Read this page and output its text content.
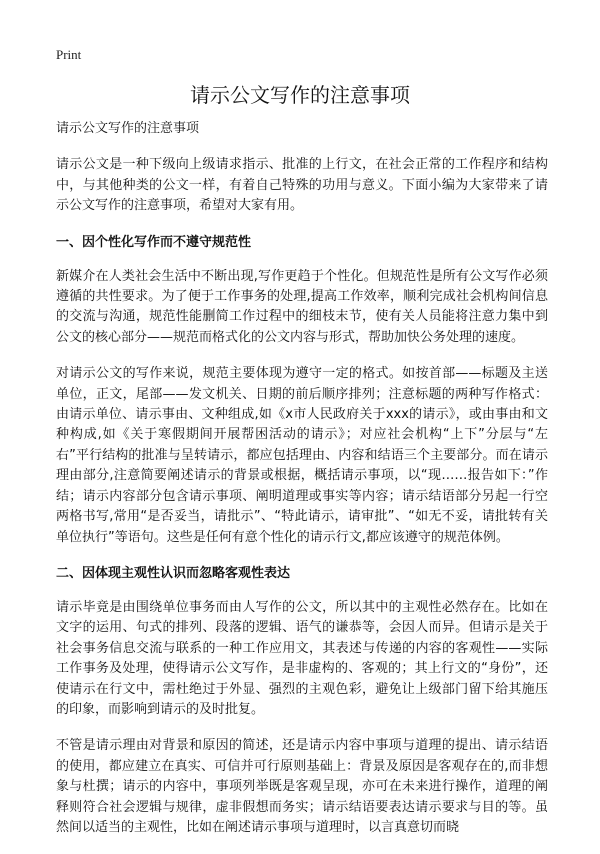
Print
请示公文写作的注意事项

请示公文写作的注意事项

请示公文是一种下级向上级请求指示、批准的上行文，在社会正常的工作程序和结构中，与其他种类的公文一样，有着自己特殊的功用与意义。下面小编为大家带来了请示公文写作的注意事项，希望对大家有用。

一、因个性化写作而不遵守规范性

新媒介在人类社会生活中不断出现,写作更趋于个性化。但规范性是所有公文写作必须遵循的共性要求。为了便于工作事务的处理,提高工作效率，顺利完成社会机构间信息的交流与沟通，规范性能删简工作过程中的细枝末节，使有关人员能将注意力集中到公文的核心部分——规范而格式化的公文内容与形式，帮助加快公务处理的速度。

对请示公文的写作来说，规范主要体现为遵守一定的格式。如按首部——标题及主送单位，正文，尾部——发文机关、日期的前后顺序排列；注意标题的两种写作格式：由请示单位、请示事由、文种组成,如《x市人民政府关于xxx的请示》，或由事由和文种构成,如《关于寒假期间开展帮困活动的请示》；对应社会机构“上下”分层与“左右”平行结构的批准与呈转请示，都应包括理由、内容和结语三个主要部分。而在请示理由部分,注意简要阐述请示的背景或根据，概括请示事项，以“现……报告如下：”作结；请示内容部分包含请示事项、阐明道理或事实等内容；请示结语部分另起一行空两格书写,常用“是否妥当，请批示”、“特此请示，请审批”、“如无不妥，请批转有关单位执行”等语句。这些是任何有意个性化的请示行文,都应该遵守的规范体例。

二、因体现主观性认识而忽略客观性表达

请示毕竟是由围绕单位事务而由人写作的公文，所以其中的主观性必然存在。比如在文字的运用、句式的排列、段落的逻辑、语气的谦恭等，会因人而异。但请示是关于社会事务信息交流与联系的一种工作应用文，其表述与传递的内容的客观性——实际工作事务及处理，使得请示公文写作，是非虚构的、客观的；其上行文的“身份”，还使请示在行文中，需杜绝过于外显、强烈的主观色彩，避免让上级部门留下给其施压的印象，而影响到请示的及时批复。

不管是请示理由对背景和原因的简述，还是请示内容中事项与道理的提出、请示结语的使用，都应建立在真实、可信并可行原则基础上：背景及原因是客观存在的,而非想象与杜撰；请示的内容中，事项列举既是客观呈现，亦可在未来进行操作，道理的阐释则符合社会逻辑与规律，虚非假想而务实；请示结语要表达请示要求与目的等。虽然间以适当的主观性，比如在阐述请示事项与道理时，以言真意切而晓
